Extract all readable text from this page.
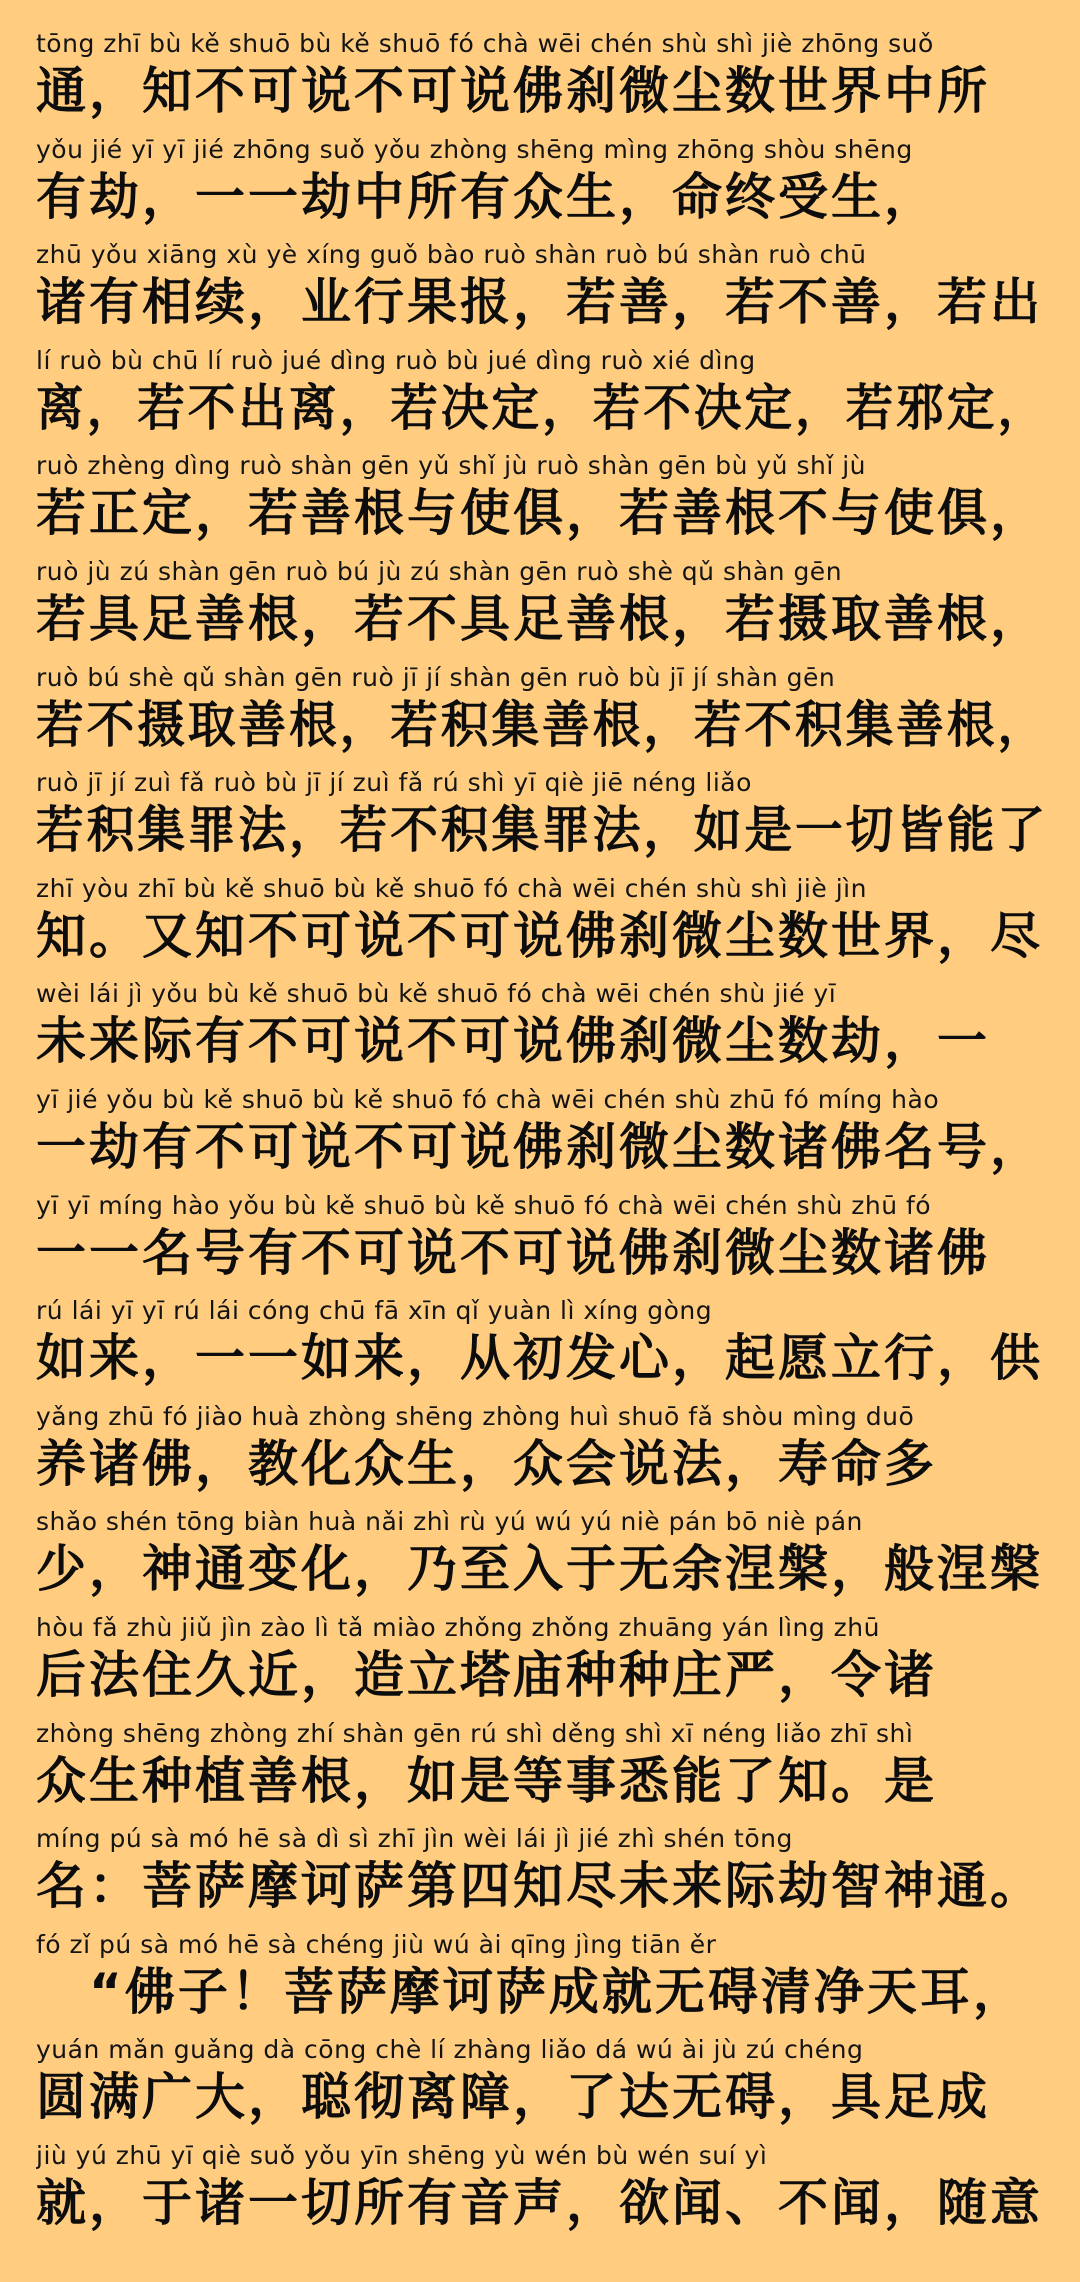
tōng zhī bù kě shuō bù kě shuō fó chà wēi chén shù shì jiè zhōng suǒ
通，知不可说不可说佛刹微尘数世界中所
yǒu jié yī yī jié zhōng suǒ yǒu zhòng shēng mìng zhōng shòu shēng
有劫，一一劫中所有众生，命终受生，
zhū yǒu xiāng xù yè xíng guǒ bào ruò shàn ruò bú shàn ruò chū
诸有相续，业行果报，若善，若不善，若出
lí ruò bù chū lí ruò jué dìng ruò bù jué dìng ruò xié dìng
离，若不出离，若决定，若不决定，若邪定，
ruò zhèng dìng ruò shàn gēn yǔ shǐ jù ruò shàn gēn bù yǔ shǐ jù
若正定，若善根与使俱，若善根不与使俱，
ruò jù zú shàn gēn ruò bú jù zú shàn gēn ruò shè qǔ shàn gēn
若具足善根，若不具足善根，若摄取善根，
ruò bú shè qǔ shàn gēn ruò jī jí shàn gēn ruò bù jī jí shàn gēn
若不摄取善根，若积集善根，若不积集善根，
ruò jī jí zuì fǎ ruò bù jī jí zuì fǎ rú shì yī qiè jiē néng liǎo
若积集罪法，若不积集罪法，如是一切皆能了
zhī yòu zhī bù kě shuō bù kě shuō fó chà wēi chén shù shì jiè jìn
知。又知不可说不可说佛刹微尘数世界，尽
wèi lái jì yǒu bù kě shuō bù kě shuō fó chà wēi chén shù jié yī
未来际有不可说不可说佛刹微尘数劫，一
yī jié yǒu bù kě shuō bù kě shuō fó chà wēi chén shù zhū fó míng hào
一劫有不可说不可说佛刹微尘数诸佛名号，
yī yī míng hào yǒu bù kě shuō bù kě shuō fó chà wēi chén shù zhū fó
一一名号有不可说不可说佛刹微尘数诸佛
rú lái yī yī rú lái cóng chū fā xīn qǐ yuàn lì xíng gòng
如来，一一如来，从初发心，起愿立行，供
yǎng zhū fó jiào huà zhòng shēng zhòng huì shuō fǎ shòu mìng duō
养诸佛，教化众生，众会说法，寿命多
shǎo shén tōng biàn huà nǎi zhì rù yú wú yú niè pán bō niè pán
少，神通变化，乃至入于无余涅槃，般涅槃
hòu fǎ zhù jiǔ jìn zào lì tǎ miào zhǒng zhǒng zhuāng yán lìng zhū
后法住久近，造立塔庙种种庄严，令诸
zhòng shēng zhòng zhí shàn gēn rú shì děng shì xī néng liǎo zhī shì
众生种植善根，如是等事悉能了知。是
míng pú sà mó hē sà dì sì zhī jìn wèi lái jì jié zhì shén tōng
名：菩萨摩诃萨第四知尽未来际劫智神通。
fó zǐ pú sà mó hē sà chéng jiù wú ài qīng jìng tiān ěr
　“佛子！菩萨摩诃萨成就无碍清净天耳，
yuán mǎn guǎng dà cōng chè lí zhàng liǎo dá wú ài jù zú chéng
圆满广大，聪彻离障，了达无碍，具足成
jiù yú zhū yī qiè suǒ yǒu yīn shēng yù wén bù wén suí yì
就，于诸一切所有音声，欲闻、不闻，随意
